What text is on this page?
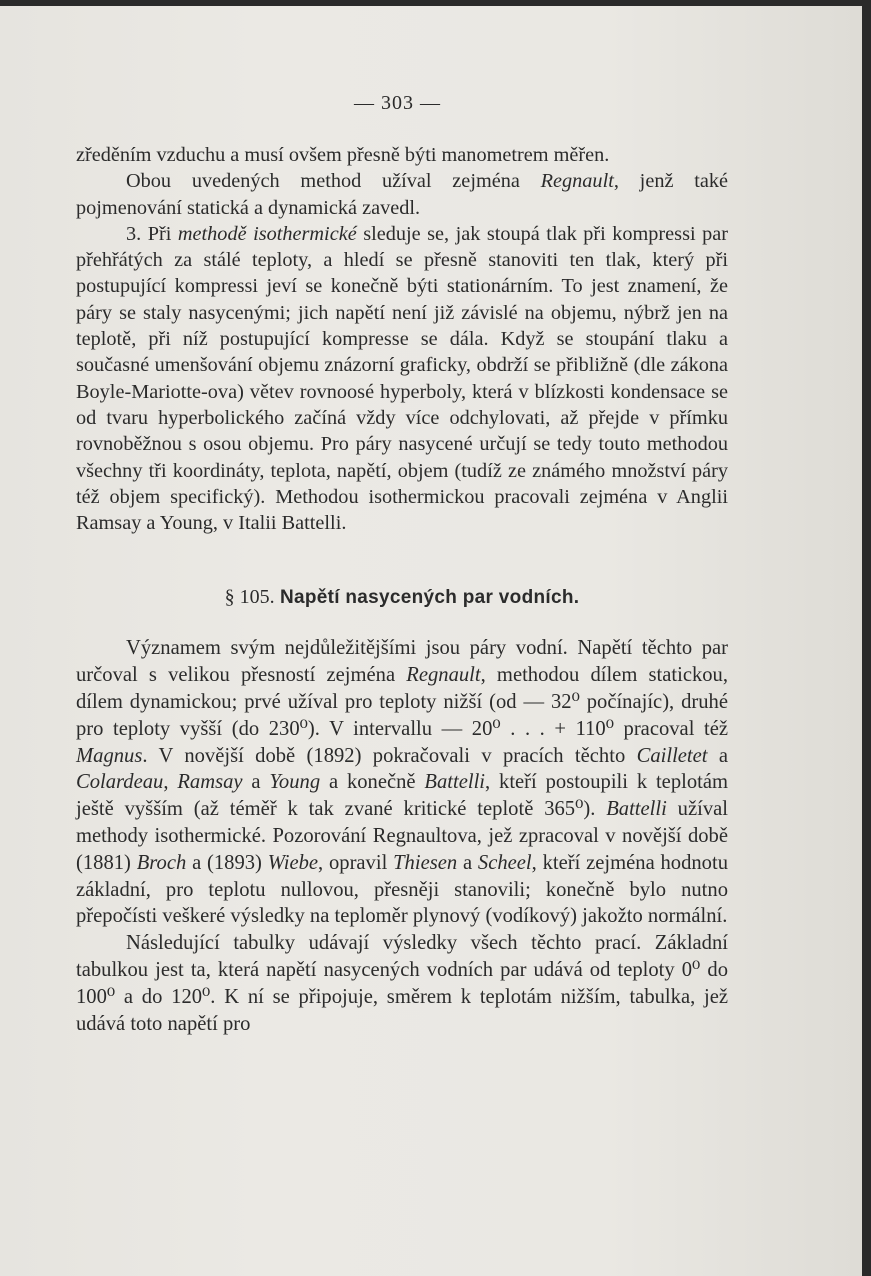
— 303 —

zředěním vzduchu a musí ovšem přesně býti manometrem měřen.

Obou uvedených method užíval zejména Regnault, jenž také pojmenování statická a dynamická zavedl.

3. Při methodě isothermické sleduje se, jak stoupá tlak při kompressi par přehřátých za stálé teploty, a hledí se přesně stanoviti ten tlak, který při postupující kompressi jeví se konečně býti stationárním. To jest znamení, že páry se staly nasycenými; jich napětí není již závislé na objemu, nýbrž jen na teplotě, při níž postupující kompresse se dála. Když se stoupání tlaku a současné umenšování objemu znázorní graficky, obdrží se přibližně (dle zákona Boyle-Mariotte-ova) větev rovnoosé hyperboly, která v blízkosti kondensace se od tvaru hyperbolického začíná vždy více odchylovati, až přejde v přímku rovnoběžnou s osou objemu. Pro páry nasycené určují se tedy touto methodou všechny tři koordináty, teplota, napětí, objem (tudíž ze známého množství páry též objem specifický). Methodou isothermickou pracovali zejména v Anglii Ramsay a Young, v Italii Battelli.

§ 105. Napětí nasycených par vodních.

Významem svým nejdůležitějšími jsou páry vodní. Napětí těchto par určoval s velikou přesností zejména Regnault, methodou dílem statickou, dílem dynamickou; prvé užíval pro teploty nižší (od — 32⁰ počínajíc), druhé pro teploty vyšší (do 230⁰). V intervallu — 20⁰ . . . + 110⁰ pracoval též Magnus. V novější době (1892) pokračovali v pracích těchto Cailletet a Colardeau, Ramsay a Young a konečně Battelli, kteří postoupili k teplotám ještě vyšším (až téměř k tak zvané kritické teplotě 365⁰). Battelli užíval methody isothermické. Pozorování Regnaultova, jež zpracoval v novější době (1881) Broch a (1893) Wiebe, opravil Thiesen a Scheel, kteří zejména hodnotu základní, pro teplotu nullovou, přesněji stanovili; konečně bylo nutno přepočísti veškeré výsledky na teploměr plynový (vodíkový) jakožto normální.

Následující tabulky udávají výsledky všech těchto prací. Základní tabulkou jest ta, která napětí nasycených vodních par udává od teploty 0⁰ do 100⁰ a do 120⁰. K ní se připojuje, směrem k teplotám nižším, tabulka, jež udává toto napětí pro
